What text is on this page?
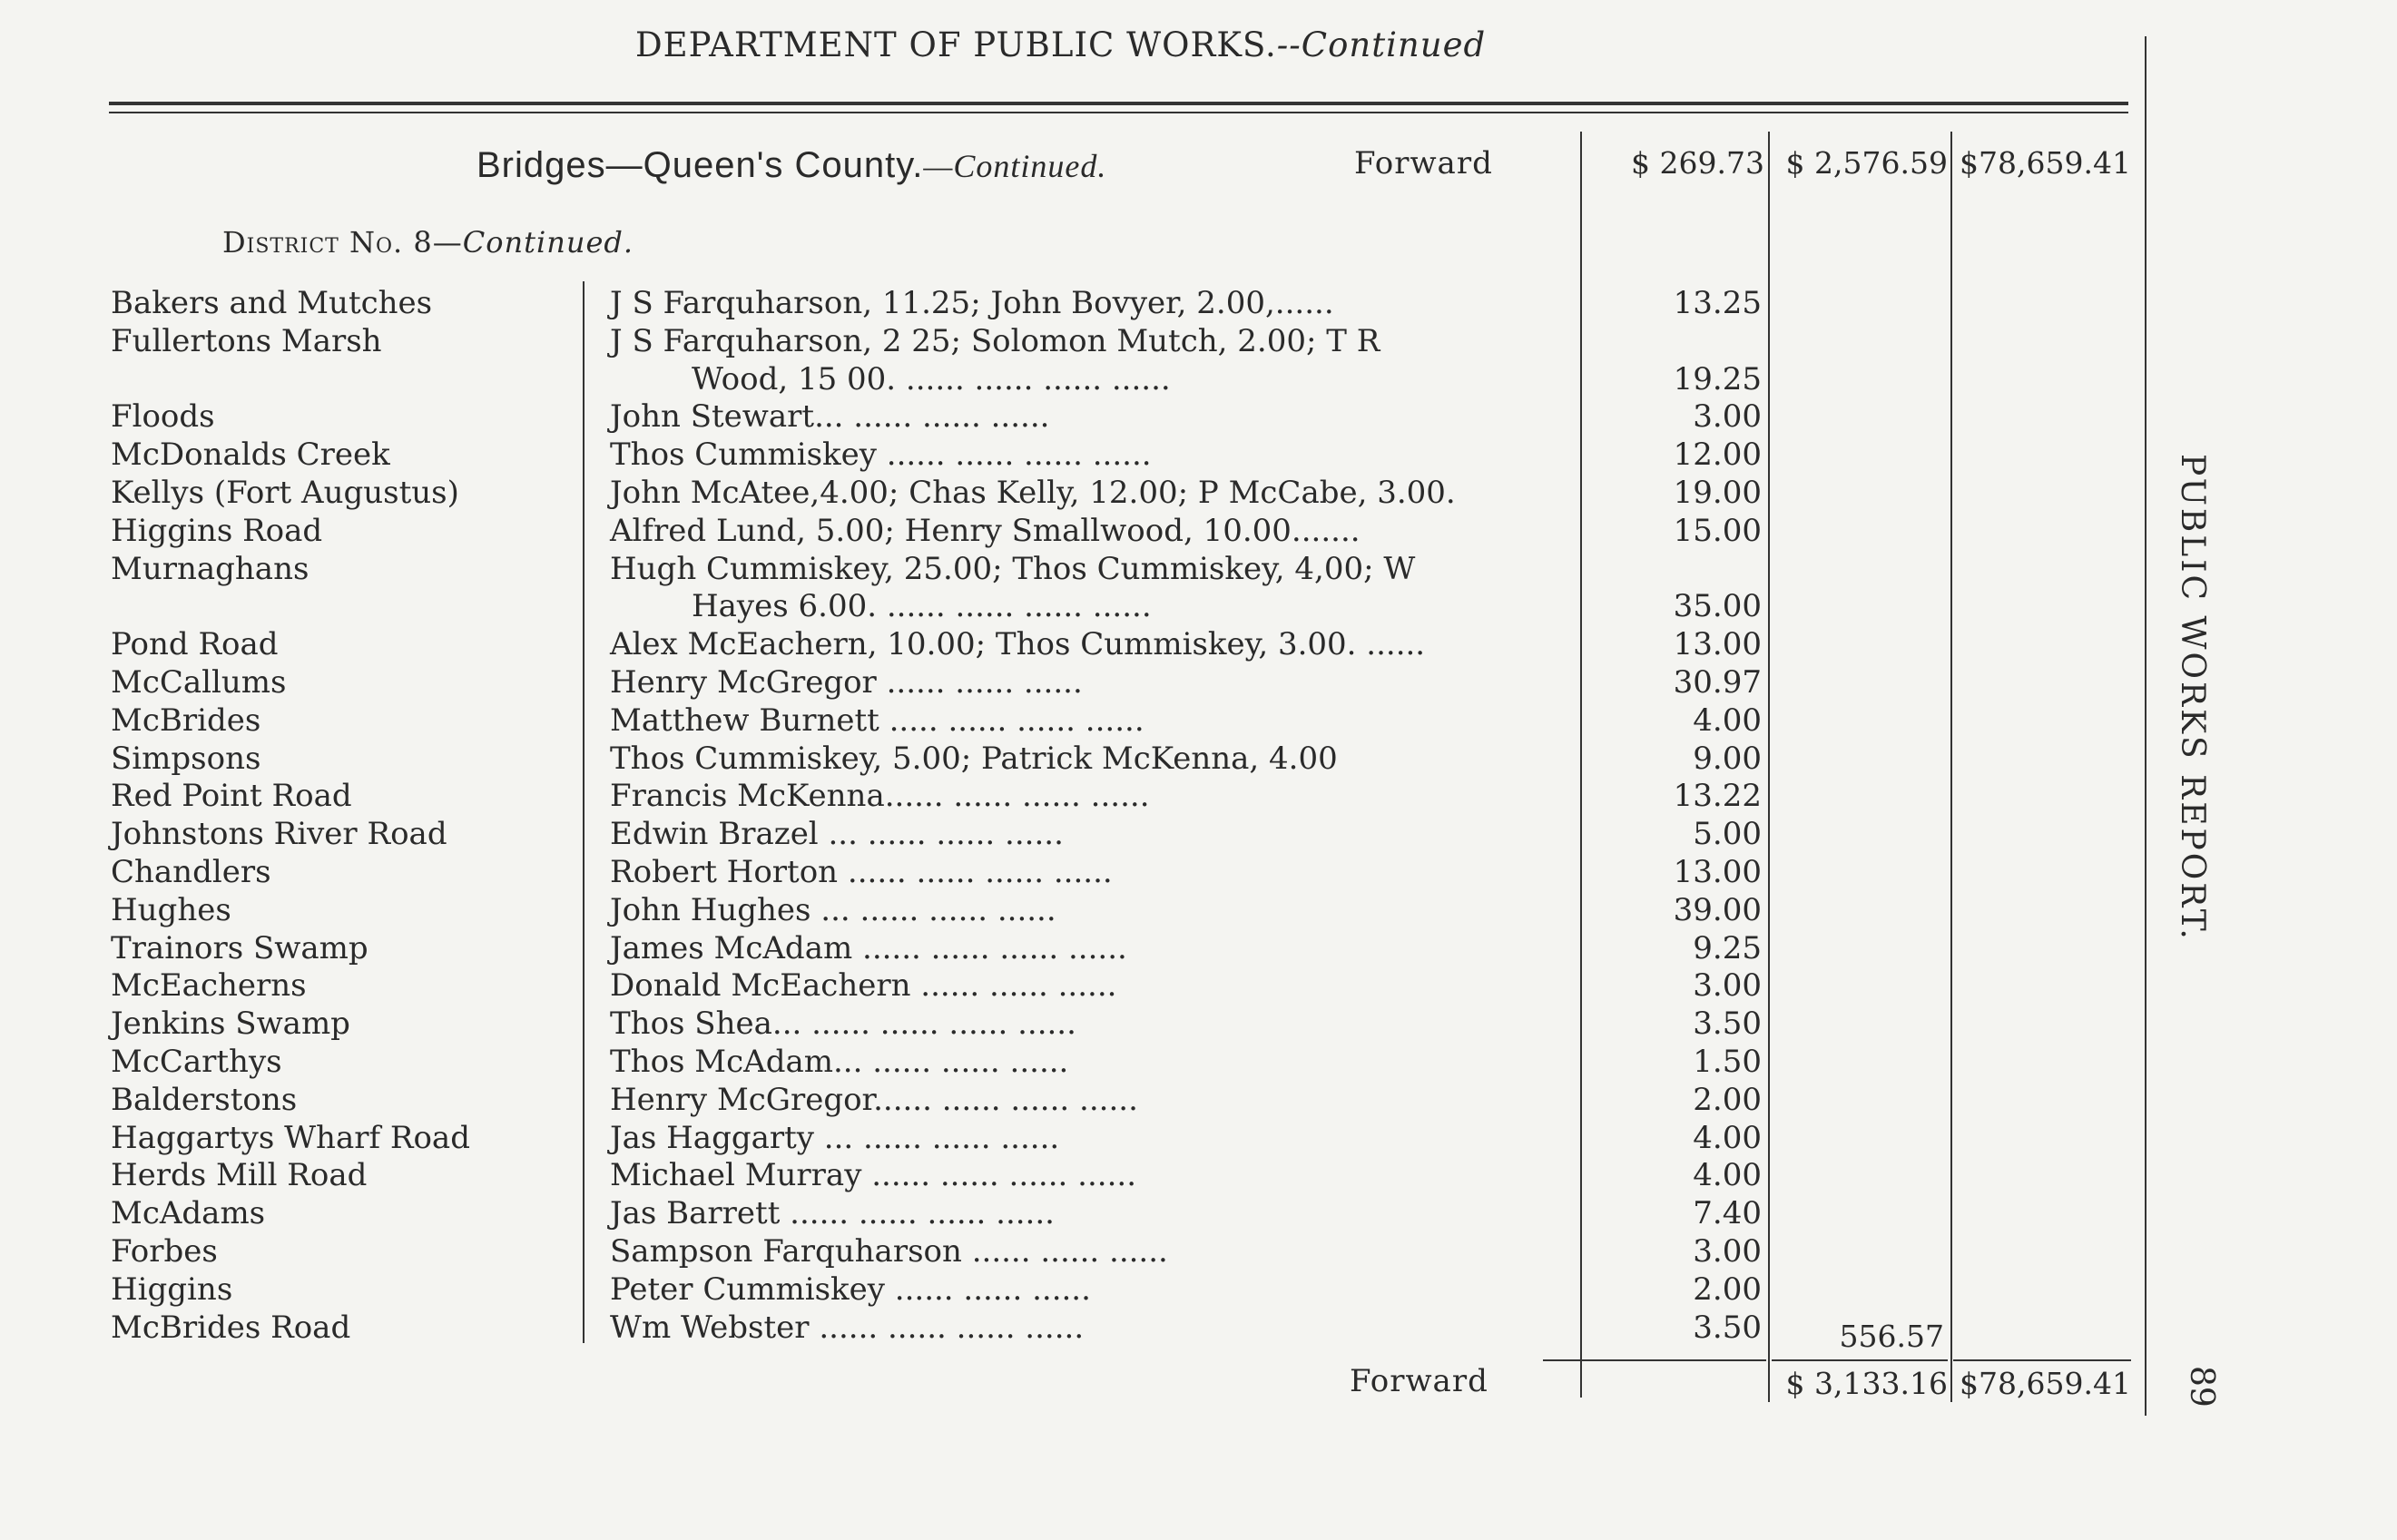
DEPARTMENT OF PUBLIC WORKS.--Continued
Bridges—Queen's County.—Continued.	Forward	$ 269.73 $ 2,576.59 $78,659.41
District No. 8—Continued.
Bakers and Mutches	J S Farquharson, 11.25; John Bovyer, 2.00,......	13.25
Fullertons Marsh	J S Farquharson, 2 25; Solomon Mutch, 2.00; T R
Wood, 15 00. ...... ...... ...... ......	19.25
Floods	John Stewart... ...... ...... ......	3.00
McDonalds Creek	Thos Cummiskey ...... ...... ...... ......	12.00
Kellys (Fort Augustus)	John McAtee,4.00; Chas Kelly, 12.00; P McCabe, 3.00.	19.00
Higgins Road	Alfred Lund, 5.00; Henry Smallwood, 10.00.......	15.00
Murnaghans	Hugh Cummiskey, 25.00; Thos Cummiskey, 4,00; W
Hayes 6.00. ...... ...... ...... ......	35.00
Pond Road	Alex McEachern, 10.00; Thos Cummiskey, 3.00. ......	13.00
McCallums	Henry McGregor ...... ...... ......	30.97
McBrides	Matthew Burnett ..... ...... ...... ......	4.00
Simpsons	Thos Cummiskey, 5.00; Patrick McKenna, 4.00	9.00
Red Point Road	Francis McKenna...... ...... ...... ......	13.22
Johnstons River Road	Edwin Brazel ... ...... ...... ......	5.00
Chandlers	Robert Horton ...... ...... ...... ......	13.00
Hughes	John Hughes ... ...... ...... ......	39.00
Trainors Swamp	James McAdam ...... ...... ...... ......	9.25
McEacherns	Donald McEachern ...... ...... ......	3.00
Jenkins Swamp	Thos Shea... ...... ...... ...... ......	3.50
McCarthys	Thos McAdam... ...... ...... ......	1.50
Balderstons	Henry McGregor...... ...... ...... ......	2.00
Haggartys Wharf Road	Jas Haggarty ... ...... ...... ......	4.00
Herds Mill Road	Michael Murray ...... ...... ...... ......	4.00
McAdams	Jas Barrett ...... ...... ...... ......	7.40
Forbes	Sampson Farquharson ...... ...... ......	3.00
Higgins	Peter Cummiskey ...... ...... ......	2.00
McBrides Road	Wm Webster ...... ...... ...... ......	3.50	556.57
Forward	$ 3,133.16 $78,659.41
PUBLIC WORKS REPORT.
89
